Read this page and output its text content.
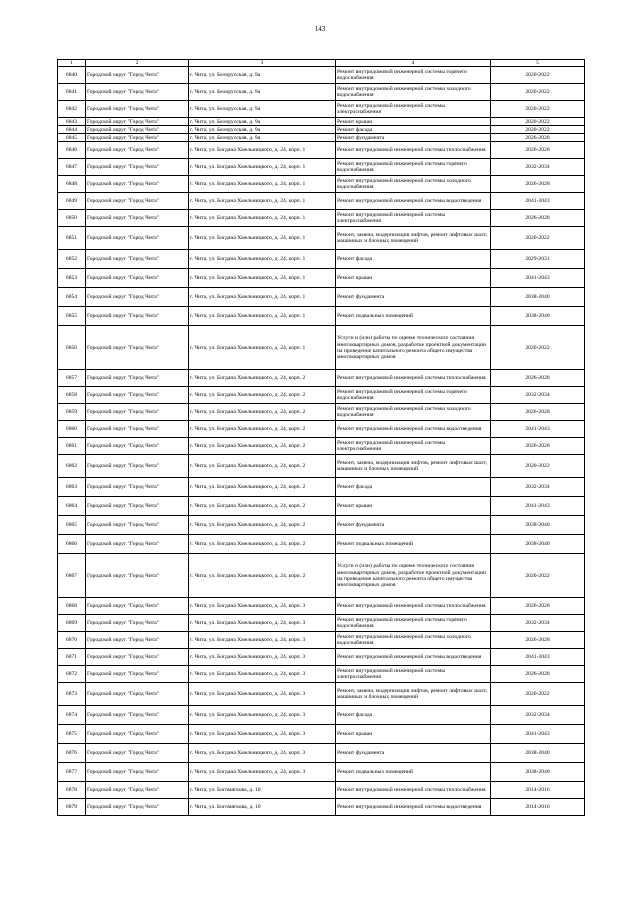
143
1	2	3	4	5
6840	Городской округ "Город Чита"	г. Чита, ул. Белорусская, д. 9а	Ремонт внутридомовой инженерной системы горячего водоснабжения	2020-2022
6841	Городской округ "Город Чита"	г. Чита, ул. Белорусская, д. 9а	Ремонт внутридомовой инженерной системы холодного водоснабжения	2020-2022
6842	Городской округ "Город Чита"	г. Чита, ул. Белорусская, д. 9а	Ремонт внутридомовой инженерной системы электроснабжения	2020-2022
6843	Городской округ "Город Чита"	г. Чита, ул. Белорусская, д. 9а	Ремонт крыши	2020-2022
6844	Городской округ "Город Чита"	г. Чита, ул. Белорусская, д. 9а	Ремонт фасада	2020-2022
6845	Городской округ "Город Чита"	г. Чита, ул. Белорусская, д. 9а	Ремонт фундамента	2026-2028
6846	Городской округ "Город Чита"	г. Чита, ул. Богдана Хмельницкого, д. 24, корп. 1	Ремонт внутридомовой инженерной системы теплоснабжения	2026-2028
6847	Городской округ "Город Чита"	г. Чита, ул. Богдана Хмельницкого, д. 24, корп. 1	Ремонт внутридомовой инженерной системы горячего водоснабжения	2032-2034
6848	Городской округ "Город Чита"	г. Чита, ул. Богдана Хмельницкого, д. 24, корп. 1	Ремонт внутридомовой инженерной системы холодного водоснабжения	2026-2028
6849	Городской округ "Город Чита"	г. Чита, ул. Богдана Хмельницкого, д. 24, корп. 1	Ремонт внутридомовой инженерной системы водоотведения	2041-2043
6850	Городской округ "Город Чита"	г. Чита, ул. Богдана Хмельницкого, д. 24, корп. 1	Ремонт внутридомовой инженерной системы электроснабжения	2026-2028
6851	Городской округ "Город Чита"	г. Чита, ул. Богдана Хмельницкого, д. 24, корп. 1	Ремонт, замена, модернизация лифтов, ремонт лифтовых шахт, машинных и блочных помещений	2020-2022
6852	Городской округ "Город Чита"	г. Чита, ул. Богдана Хмельницкого, д. 24, корп. 1	Ремонт фасада	2029-2031
6853	Городской округ "Город Чита"	г. Чита, ул. Богдана Хмельницкого, д. 24, корп. 1	Ремонт крыши	2041-2043
6854	Городской округ "Город Чита"	г. Чита, ул. Богдана Хмельницкого, д. 24, корп. 1	Ремонт фундамента	2038-2040
6855	Городской округ "Город Чита"	г. Чита, ул. Богдана Хмельницкого, д. 24, корп. 1	Ремонт подвальных помещений	2038-2040
6856	Городской округ "Город Чита"	г. Чита, ул. Богдана Хмельницкого, д. 24, корп. 1	Услуги и (или) работы по оценке технического состояния многоквартирных домов, разработке проектной документации на проведение капитального ремонта общего имущества многоквартирных домов	2020-2022
6857	Городской округ "Город Чита"	г. Чита, ул. Богдана Хмельницкого, д. 24, корп. 2	Ремонт внутридомовой инженерной системы теплоснабжения	2026-2028
6858	Городской округ "Город Чита"	г. Чита, ул. Богдана Хмельницкого, д. 24, корп. 2	Ремонт внутридомовой инженерной системы горячего водоснабжения	2032-2034
6859	Городской округ "Город Чита"	г. Чита, ул. Богдана Хмельницкого, д. 24, корп. 2	Ремонт внутридомовой инженерной системы холодного водоснабжения	2026-2028
6860	Городской округ "Город Чита"	г. Чита, ул. Богдана Хмельницкого, д. 24, корп. 2	Ремонт внутридомовой инженерной системы водоотведения	2041-2043
6861	Городской округ "Город Чита"	г. Чита, ул. Богдана Хмельницкого, д. 24, корп. 2	Ремонт внутридомовой инженерной системы электроснабжения	2026-2028
6862	Городской округ "Город Чита"	г. Чита, ул. Богдана Хмельницкого, д. 24, корп. 2	Ремонт, замена, модернизация лифтов, ремонт лифтовых шахт, машинных и блочных помещений	2020-2022
6863	Городской округ "Город Чита"	г. Чита, ул. Богдана Хмельницкого, д. 24, корп. 2	Ремонт фасада	2032-2034
6864	Городской округ "Город Чита"	г. Чита, ул. Богдана Хмельницкого, д. 24, корп. 2	Ремонт крыши	2041-2043
6865	Городской округ "Город Чита"	г. Чита, ул. Богдана Хмельницкого, д. 24, корп. 2	Ремонт фундамента	2038-2040
6866	Городской округ "Город Чита"	г. Чита, ул. Богдана Хмельницкого, д. 24, корп. 2	Ремонт подвальных помещений	2038-2040
6867	Городской округ "Город Чита"	г. Чита, ул. Богдана Хмельницкого, д. 24, корп. 2	Услуги и (или) работы по оценке технического состояния многоквартирных домов, разработке проектной документации на проведение капитального ремонта общего имущества многоквартирных домов	2020-2022
6868	Городской округ "Город Чита"	г. Чита, ул. Богдана Хмельницкого, д. 24, корп. 3	Ремонт внутридомовой инженерной системы теплоснабжения	2026-2028
6869	Городской округ "Город Чита"	г. Чита, ул. Богдана Хмельницкого, д. 24, корп. 3	Ремонт внутридомовой инженерной системы горячего водоснабжения	2032-2034
6870	Городской округ "Город Чита"	г. Чита, ул. Богдана Хмельницкого, д. 24, корп. 3	Ремонт внутридомовой инженерной системы холодного водоснабжения	2026-2028
6871	Городской округ "Город Чита"	г. Чита, ул. Богдана Хмельницкого, д. 24, корп. 3	Ремонт внутридомовой инженерной системы водоотведения	2041-2043
6872	Городской округ "Город Чита"	г. Чита, ул. Богдана Хмельницкого, д. 24, корп. 3	Ремонт внутридомовой инженерной системы электроснабжения	2026-2028
6873	Городской округ "Город Чита"	г. Чита, ул. Богдана Хмельницкого, д. 24, корп. 3	Ремонт, замена, модернизация лифтов, ремонт лифтовых шахт, машинных и блочных помещений	2020-2022
6874	Городской округ "Город Чита"	г. Чита, ул. Богдана Хмельницкого, д. 24, корп. 3	Ремонт фасада	2032-2034
6875	Городской округ "Город Чита"	г. Чита, ул. Богдана Хмельницкого, д. 24, корп. 3	Ремонт крыши	2041-2043
6876	Городской округ "Город Чита"	г. Чита, ул. Богдана Хмельницкого, д. 24, корп. 3	Ремонт фундамента	2038-2040
6877	Городской округ "Город Чита"	г. Чита, ул. Богдана Хмельницкого, д. 24, корп. 3	Ремонт подвальных помещений	2038-2040
6878	Городской округ "Город Чита"	г. Чита, ул. Богомягкова, д. 10	Ремонт внутридомовой инженерной системы теплоснабжения	2014-2016
6879	Городской округ "Город Чита"	г. Чита, ул. Богомягкова, д. 10	Ремонт внутридомовой инженерной системы водоотведения	2014-2016
